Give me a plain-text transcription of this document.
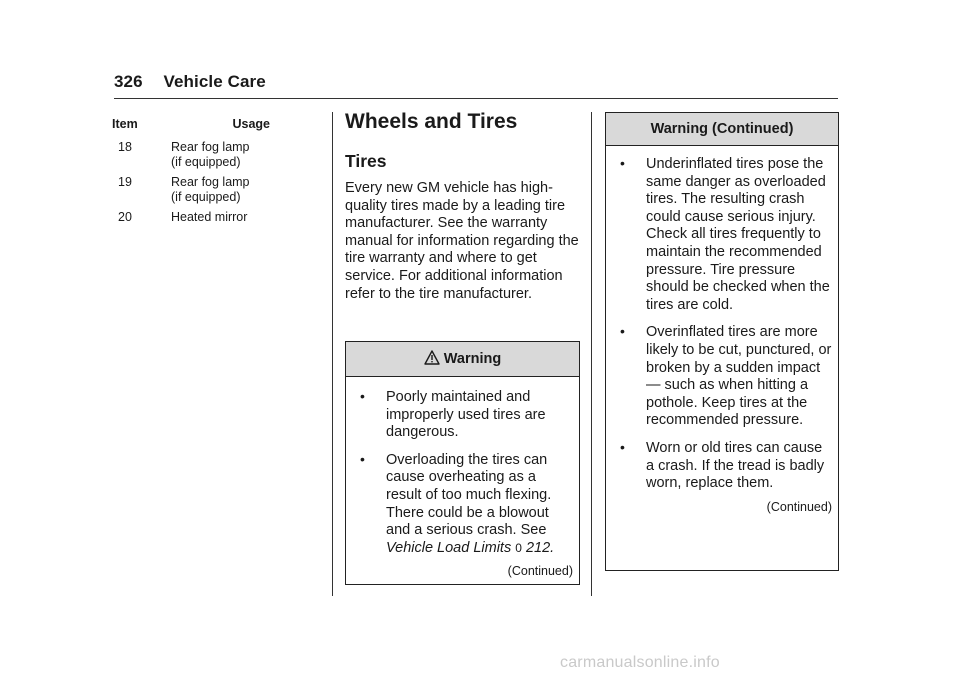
326 Vehicle Care
Item	Usage
18	Rear fog lamp
(if equipped)
19	Rear fog lamp
(if equipped)
20	Heated mirror
Wheels and Tires
Tires
Every new GM vehicle has high-quality tires made by a leading tire manufacturer. See the warranty manual for information regarding the tire warranty and where to get service. For additional information refer to the tire manufacturer.
Warning
• Poorly maintained and improperly used tires are dangerous.
• Overloading the tires can cause overheating as a result of too much flexing. There could be a blowout and a serious crash. See Vehicle Load Limits 0 212.
(Continued)
Warning (Continued)
• Underinflated tires pose the same danger as overloaded tires. The resulting crash could cause serious injury. Check all tires frequently to maintain the recommended pressure. Tire pressure should be checked when the tires are cold.
• Overinflated tires are more likely to be cut, punctured, or broken by a sudden impact — such as when hitting a pothole. Keep tires at the recommended pressure.
• Worn or old tires can cause a crash. If the tread is badly worn, replace them.
(Continued)
carmanualsonline.info
